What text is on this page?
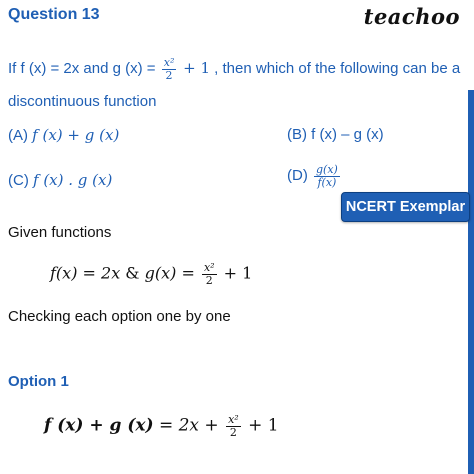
Question 13	teachoo
If f (x) = 2x and g $(x) = \frac{\text{x²}}{2} + 1$ , then which of the following can be a
discontinuous function
(A) f (x) + g (x)	(B) f (x) – g (x)
(C) f (x) . g (x)	$(D) \frac{g(x)}{f(x)}$
NCERT Exemplar
Given functions
f(x) = 2x & $g(x) = \frac{\text{x²}}{2} + 1$
Checking each option one by one
Option 1
f (x) + g $(x) = 2x + \frac{\text{x²}}{2} + 1$
